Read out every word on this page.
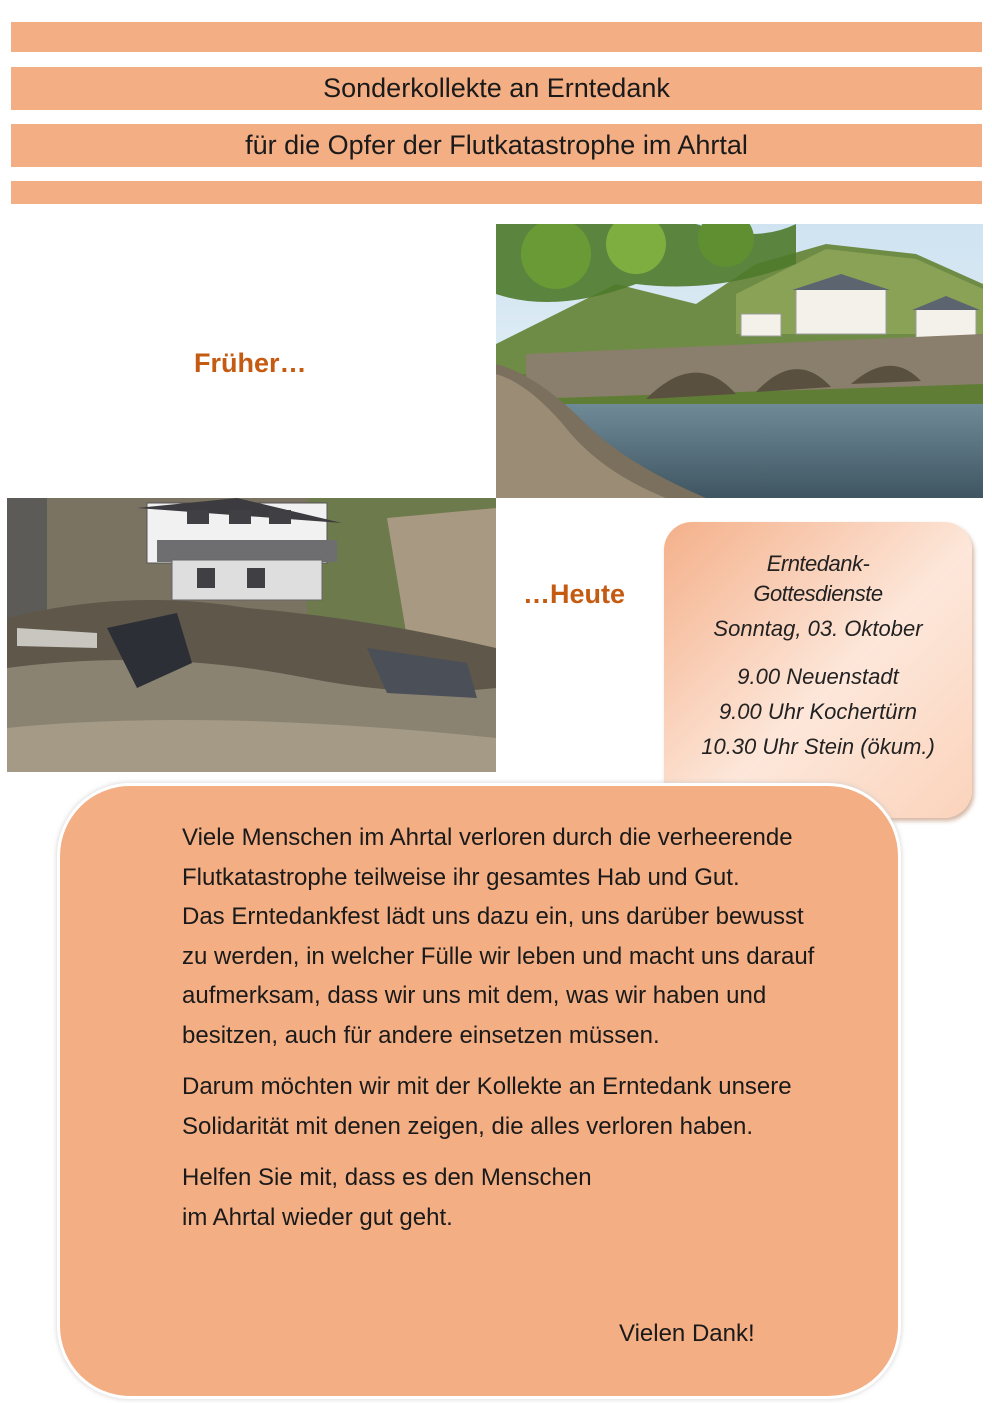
Sonderkollekte an Erntedank
für die Opfer der Flutkatastrophe im Ahrtal
Früher…
…Heute
Erntedank-
Gottesdienste
Sonntag, 03. Oktober
9.00 Neuenstadt
9.00 Uhr Kochertürn
10.30 Uhr Stein (ökum.)

Viele Menschen im Ahrtal verloren durch die verheerende Flutkatastrophe teilweise ihr gesamtes Hab und Gut.

Das Erntedankfest lädt uns dazu ein, uns darüber bewusst zu werden, in welcher Fülle wir leben und macht uns darauf aufmerksam, dass wir uns mit dem, was wir haben und besitzen, auch für andere einsetzen müssen.

Darum möchten wir mit der Kollekte an Erntedank unsere Solidarität mit denen zeigen, die alles verloren haben.

Helfen Sie mit, dass es den Menschen im Ahrtal wieder gut geht.

Vielen Dank!
